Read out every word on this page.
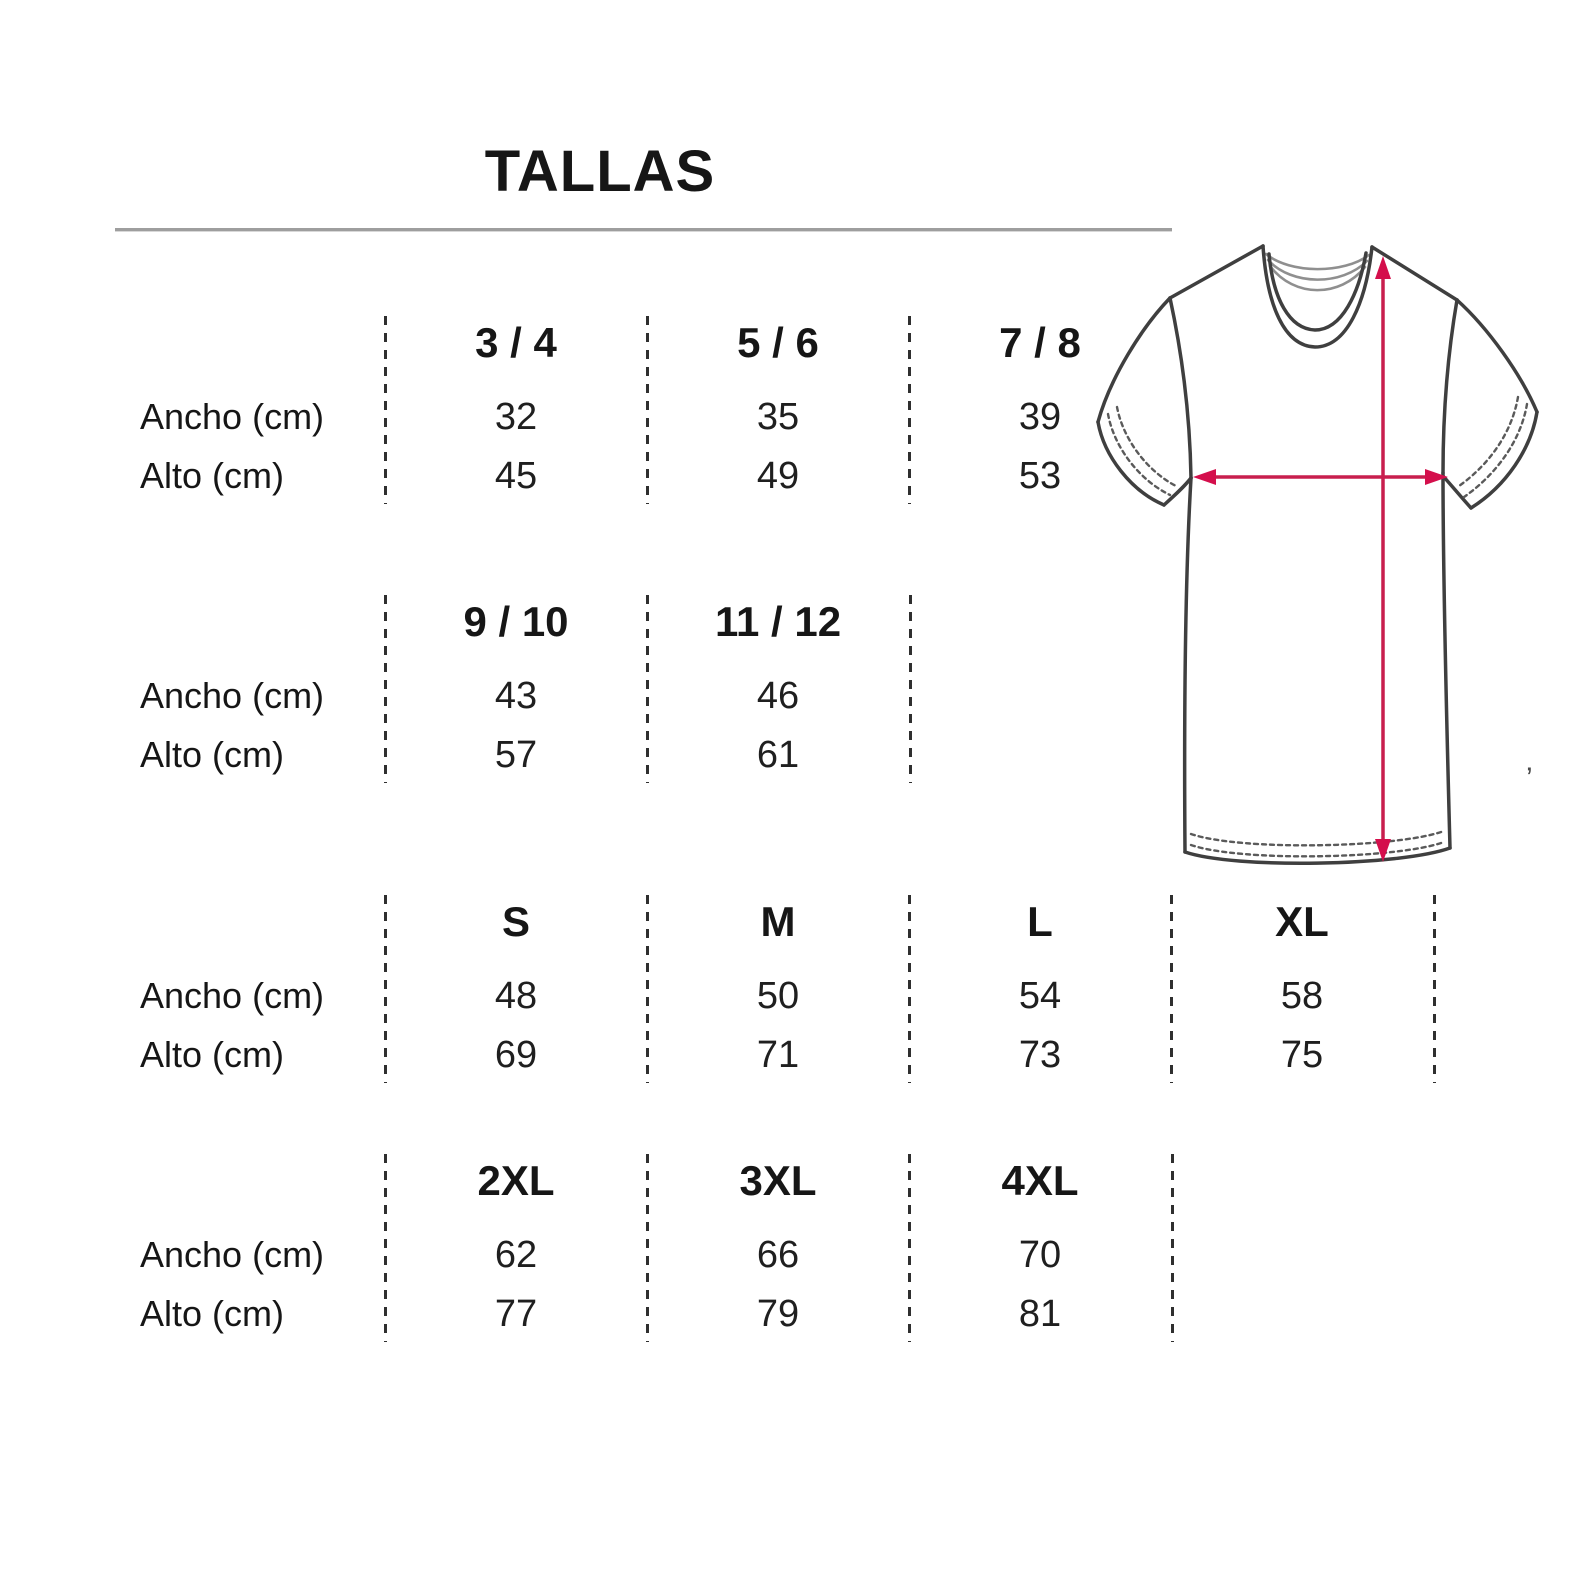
TALLAS
Ancho (cm)
Alto (cm)
3 / 4
32
45
5 / 6
35
49
7 / 8
39
53
Ancho (cm)
Alto (cm)
9 / 10
43
57
11 / 12
46
61
Ancho (cm)
Alto (cm)
S
48
69
M
50
71
L
54
73
XL
58
75
Ancho (cm)
Alto (cm)
2XL
62
77
3XL
66
79
4XL
70
81
’
